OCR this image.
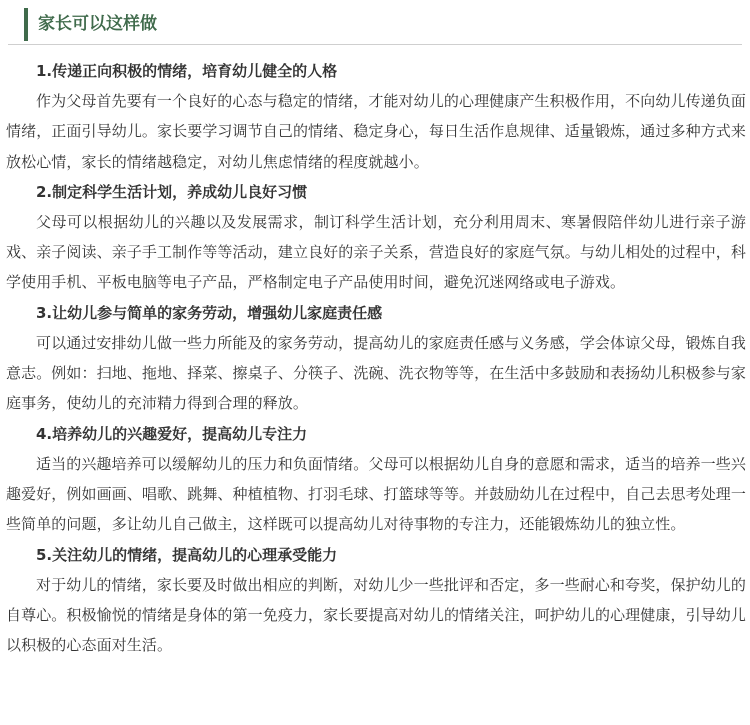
家长可以这样做

1.传递正向积极的情绪，培育幼儿健全的人格

作为父母首先要有一个良好的心态与稳定的情绪，才能对幼儿的心理健康产生积极作用，不向幼儿传递负面情绪，正面引导幼儿。家长要学习调节自己的情绪、稳定身心，每日生活作息规律、适量锻炼，通过多种方式来放松心情，家长的情绪越稳定，对幼儿焦虑情绪的程度就越小。

2.制定科学生活计划，养成幼儿良好习惯

父母可以根据幼儿的兴趣以及发展需求，制订科学生活计划，充分利用周末、寒暑假陪伴幼儿进行亲子游戏、亲子阅读、亲子手工制作等等活动，建立良好的亲子关系，营造良好的家庭气氛。与幼儿相处的过程中，科学使用手机、平板电脑等电子产品，严格制定电子产品使用时间，避免沉迷网络或电子游戏。

3.让幼儿参与简单的家务劳动，增强幼儿家庭责任感

可以通过安排幼儿做一些力所能及的家务劳动，提高幼儿的家庭责任感与义务感，学会体谅父母，锻炼自我意志。例如：扫地、拖地、择菜、擦桌子、分筷子、洗碗、洗衣物等等，在生活中多鼓励和表扬幼儿积极参与家庭事务，使幼儿的充沛精力得到合理的释放。

4.培养幼儿的兴趣爱好，提高幼儿专注力

适当的兴趣培养可以缓解幼儿的压力和负面情绪。父母可以根据幼儿自身的意愿和需求，适当的培养一些兴趣爱好，例如画画、唱歌、跳舞、种植植物、打羽毛球、打篮球等等。并鼓励幼儿在过程中，自己去思考处理一些简单的问题，多让幼儿自己做主，这样既可以提高幼儿对待事物的专注力，还能锻炼幼儿的独立性。

5.关注幼儿的情绪，提高幼儿的心理承受能力

对于幼儿的情绪，家长要及时做出相应的判断，对幼儿少一些批评和否定，多一些耐心和夸奖，保护幼儿的自尊心。积极愉悦的情绪是身体的第一免疫力，家长要提高对幼儿的情绪关注，呵护幼儿的心理健康，引导幼儿以积极的心态面对生活。
